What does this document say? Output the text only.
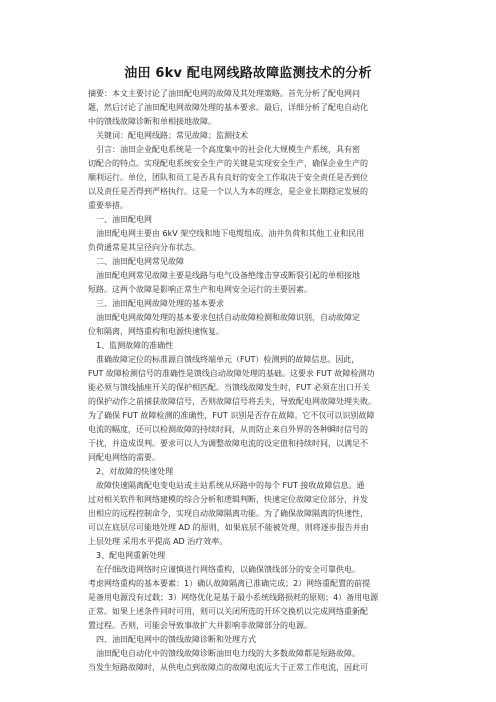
油田 6kv 配电网线路故障监测技术的分析

摘要：本文主要讨论了油田配电网的故障及其处理策略。首先分析了配电网问

题，然后讨论了油田配电网故障处理的基本要求。最后，详细分析了配电自动化

中的馈线故障诊断和单相接地故障。

关键词：配电网线路；常见故障；监测技术

引言：油田企业配电系统是一个高度集中的社会化大规模生产系统，具有密

切配合的特点。实现配电系统安全生产的关键是实现安全生产，确保企业生产的

顺利运行。单位，团队和员工是否具有良好的安全工作取决于安全责任是否到位

以及责任是否得到严格执行。这是一个以人为本的理念，是企业长期稳定发展的

重要举措。

一、油田配电网

油田配电网主要由 6kV 架空线和地下电缆组成。油井负荷和其他工业和民用

负荷通常是其呈径向分布状态。

二、油田配电网常见故障

油田配电网常见故障主要是线路与电气设备绝缘击穿或断裂引起的单相接地

短路。这两个故障是影响正常生产和电网安全运行的主要因素。

三、油田配电网故障处理的基本要求

油田配电网故障处理的基本要求包括自动故障检测和故障识别，自动故障定

位和隔离，网络重构和电源快速恢复。

1、监测故障的准确性

准确故障定位的标准源自馈线终端单元（FUT）检测到的故障信息。因此，

FUT 故障检测信号的准确性是馈线自动故障处理的基础。这要求 FUT 故障检测功

能必须与馈线插座开关的保护相匹配。当馈线故障发生时，FUT 必须在出口开关

的保护动作之前捕获故障信号，否则故障信号将丢失，导致配电网故障处理失败。

为了确保 FUT 故障检测的准确性，FUT 识别是否存在故障。它不仅可以识别故障

电流的幅度，还可以检测故障的持续时间，从而防止来自外界的各种瞬时信号的

干扰，并造成误判。要求可以人为调整故障电流的设定值和持续时间，以满足不

同配电网络的需要。

2、对故障的快速处理

故障快速隔离配电变电站或主站系统从环路中的每个 FUT 接收故障信息。通

过对相关软件和网络建模的综合分析和逻辑判断，快速定位故障定位部分，并发

出相应的远程控制命令，实现自动故障隔离功能。为了确保故障隔离的快速性，

可以在底层尽可能地处理 AD 的原则，如果底层不能被处理，则将逐步报告并由

上层处理 采用水平提高 AD 治疗效率。

3、配电网重新处理

在仔细改造网络时应谨慎进行网络重构，以确保馈线部分的安全可靠供电。

考虑网络重构的基本要素：1）确认故障隔离已准确完成；2）网络重配置的前提

是备用电源没有过载；3）网络优化是基于最小系统线路损耗的原则；4）备用电源

正常。如果上述条件同时可用，则可以关闭所选的开环交换机以完成网络重新配

置过程。否则，可能会导致事故扩大并影响非故障部分的电源。

四、油田配电网中的馈线故障诊断和处理方式

油田配电自动化中的馈线故障诊断油田电力线的大多数故障都是短路故障。

当发生短路故障时，从供电点到故障点的故障电流远大于正常工作电流，因此可
